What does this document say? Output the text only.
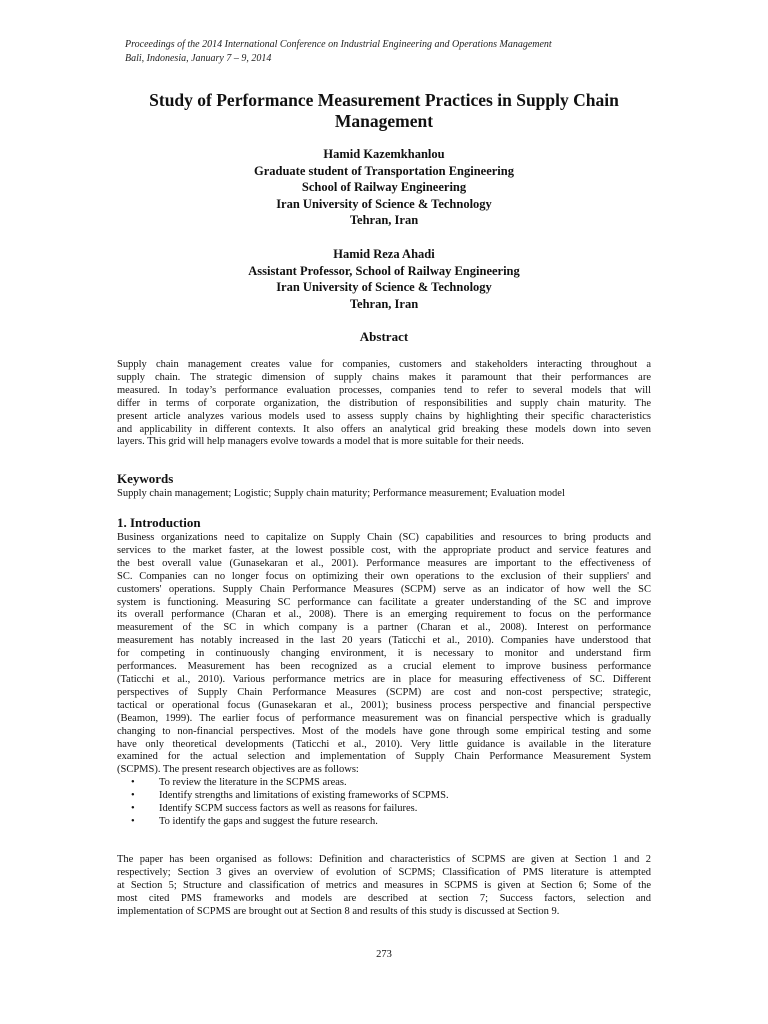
Proceedings of the 2014 International Conference on Industrial Engineering and Operations Management
Bali, Indonesia, January 7 – 9, 2014
Study of Performance Measurement Practices in Supply Chain
Management
Hamid Kazemkhanlou
Graduate student of Transportation Engineering
School of Railway Engineering
Iran University of Science & Technology
Tehran, Iran
Hamid Reza Ahadi
Assistant Professor, School of Railway Engineering
Iran University of Science & Technology
Tehran, Iran
Abstract
Supply chain management creates value for companies, customers and stakeholders interacting throughout a
supply chain. The strategic dimension of supply chains makes it paramount that their performances are
measured. In today’s performance evaluation processes, companies tend to refer to several models that will
differ in terms of corporate organization, the distribution of responsibilities and supply chain maturity. The
present article analyzes various models used to assess supply chains by highlighting their specific characteristics
and applicability in different contexts. It also offers an analytical grid breaking these models down into seven
layers. This grid will help managers evolve towards a model that is more suitable for their needs.
Keywords
Supply chain management; Logistic; Supply chain maturity; Performance measurement; Evaluation model
1. Introduction
Business organizations need to capitalize on Supply Chain (SC) capabilities and resources to bring products and
services to the market faster, at the lowest possible cost, with the appropriate product and service features and
the best overall value (Gunasekaran et al., 2001). Performance measures are important to the effectiveness of
SC. Companies can no longer focus on optimizing their own operations to the exclusion of their suppliers' and
customers' operations. Supply Chain Performance Measures (SCPM) serve as an indicator of how well the SC
system is functioning. Measuring SC performance can facilitate a greater understanding of the SC and improve
its overall performance (Charan et al., 2008). There is an emerging requirement to focus on the performance
measurement of the SC in which company is a partner (Charan et al., 2008). Interest on performance
measurement has notably increased in the last 20 years (Taticchi et al., 2010). Companies have understood that
for competing in continuously changing environment, it is necessary to monitor and understand firm
performances. Measurement has been recognized as a crucial element to improve business performance
(Taticchi et al., 2010). Various performance metrics are in place for measuring effectiveness of SC. Different
perspectives of Supply Chain Performance Measures (SCPM) are cost and non-cost perspective; strategic,
tactical or operational focus (Gunasekaran et al., 2001); business process perspective and financial perspective
(Beamon, 1999). The earlier focus of performance measurement was on financial perspective which is gradually
changing to non-financial perspectives. Most of the models have gone through some empirical testing and some
have only theoretical developments (Taticchi et al., 2010). Very little guidance is available in the literature
examined for the actual selection and implementation of Supply Chain Performance Measurement System
(SCPMS). The present research objectives are as follows:
•	To review the literature in the SCPMS areas.
•	Identify strengths and limitations of existing frameworks of SCPMS.
•	Identify SCPM success factors as well as reasons for failures.
•	To identify the gaps and suggest the future research.
The paper has been organised as follows: Definition and characteristics of SCPMS are given at Section 1 and 2
respectively; Section 3 gives an overview of evolution of SCPMS; Classification of PMS literature is attempted
at Section 5; Structure and classification of metrics and measures in SCPMS is given at Section 6; Some of the
most cited PMS frameworks and models are described at section 7; Success factors, selection and
implementation of SCPMS are brought out at Section 8 and results of this study is discussed at Section 9.
273
